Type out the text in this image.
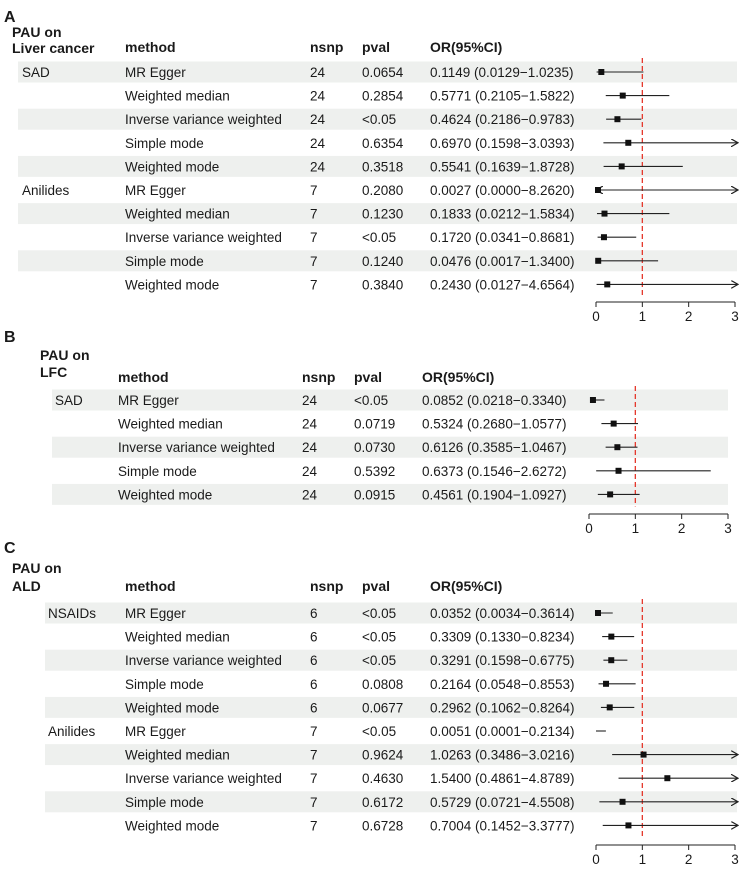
A
PAU on
Liver cancer method	nsnp pval	OR(95%CI)
SAD	MR Egger	24	0.0654 0.1149 (0.0129−1.0235)
Weighted median	24	0.2854 0.5771 (0.2105−1.5822)
Inverse variance weighted 24	<0.05	0.4624 (0.2186−0.9783)
Simple mode	24	0.6354 0.6970 (0.1598−3.0393)
Weighted mode	24	0.3518 0.5541 (0.1639−1.8728)
Anilides	MR Egger	7	0.2080 0.0027 (0.0000−8.2620)
Weighted median	7	0.1230 0.1833 (0.0212−1.5834)
Inverse variance weighted 7	<0.05	0.1720 (0.0341−0.8681)
Simple mode	7	0.1240 0.0476 (0.0017−1.3400)
Weighted mode	7	0.3840 0.2430 (0.0127−4.6564)
0	1	2	3
B
PAU on
LFC	method	nsnp pval	OR(95%CI)
SAD	MR Egger	24	<0.05	0.0852 (0.0218−0.3340)
Weighted median	24	0.0719 0.5324 (0.2680−1.0577)
Inverse variance weighted 24	0.0730 0.6126 (0.3585−1.0467)
Simple mode	24	0.5392 0.6373 (0.1546−2.6272)
Weighted mode	24	0.0915 0.4561 (0.1904−1.0927)
0	1	2	3
C
PAU on
ALD	method	nsnp pval	OR(95%CI)
NSAIDs MR Egger	6	<0.05	0.0352 (0.0034−0.3614)
Weighted median	6	<0.05	0.3309 (0.1330−0.8234)
Inverse variance weighted 6	<0.05	0.3291 (0.1598−0.6775)
Simple mode	6	0.0808 0.2164 (0.0548−0.8553)
Weighted mode	6	0.0677 0.2962 (0.1062−0.8264)
Anilides MR Egger	7	<0.05	0.0051 (0.0001−0.2134)
Weighted median	7	0.9624 1.0263 (0.3486−3.0216)
Inverse variance weighted 7	0.4630 1.5400 (0.4861−4.8789)
Simple mode	7	0.6172 0.5729 (0.0721−4.5508)
Weighted mode	7	0.6728 0.7004 (0.1452−3.3777)
0	1	2	3
